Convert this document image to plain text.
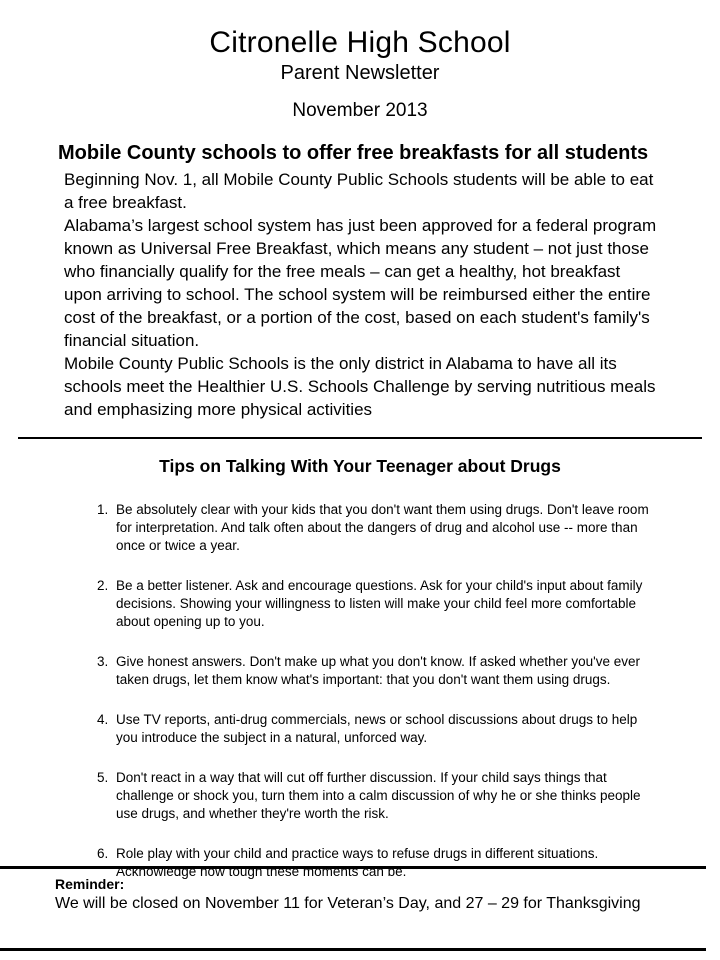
Citronelle High School
Parent Newsletter
November 2013
Mobile County schools to offer free breakfasts for all students

Beginning Nov. 1, all Mobile County Public Schools students will be able to eat a free breakfast.

Alabama’s largest school system has just been approved for a federal program known as Universal Free Breakfast, which means any student – not just those who financially qualify for the free meals – can get a healthy, hot breakfast upon arriving to school. The school system will be reimbursed either the entire cost of the breakfast, or a portion of the cost, based on each student's family's financial situation.

Mobile County Public Schools is the only district in Alabama to have all its schools meet the Healthier U.S. Schools Challenge by serving nutritious meals and emphasizing more physical activities

Tips on Talking With Your Teenager about Drugs
1. Be absolutely clear with your kids that you don't want them using drugs. Don't leave room for interpretation. And talk often about the dangers of drug and alcohol use -- more than once or twice a year.
2. Be a better listener. Ask and encourage questions. Ask for your child's input about family decisions. Showing your willingness to listen will make your child feel more comfortable about opening up to you.
3. Give honest answers. Don't make up what you don't know. If asked whether you've ever taken drugs, let them know what's important: that you don't want them using drugs.
4. Use TV reports, anti-drug commercials, news or school discussions about drugs to help you introduce the subject in a natural, unforced way.
5. Don't react in a way that will cut off further discussion. If your child says things that challenge or shock you, turn them into a calm discussion of why he or she thinks people use drugs, and whether they're worth the risk.
6. Role play with your child and practice ways to refuse drugs in different situations. Acknowledge how tough these moments can be.
Reminder:
We will be closed on November 11 for Veteran’s Day, and 27 – 29 for Thanksgiving
